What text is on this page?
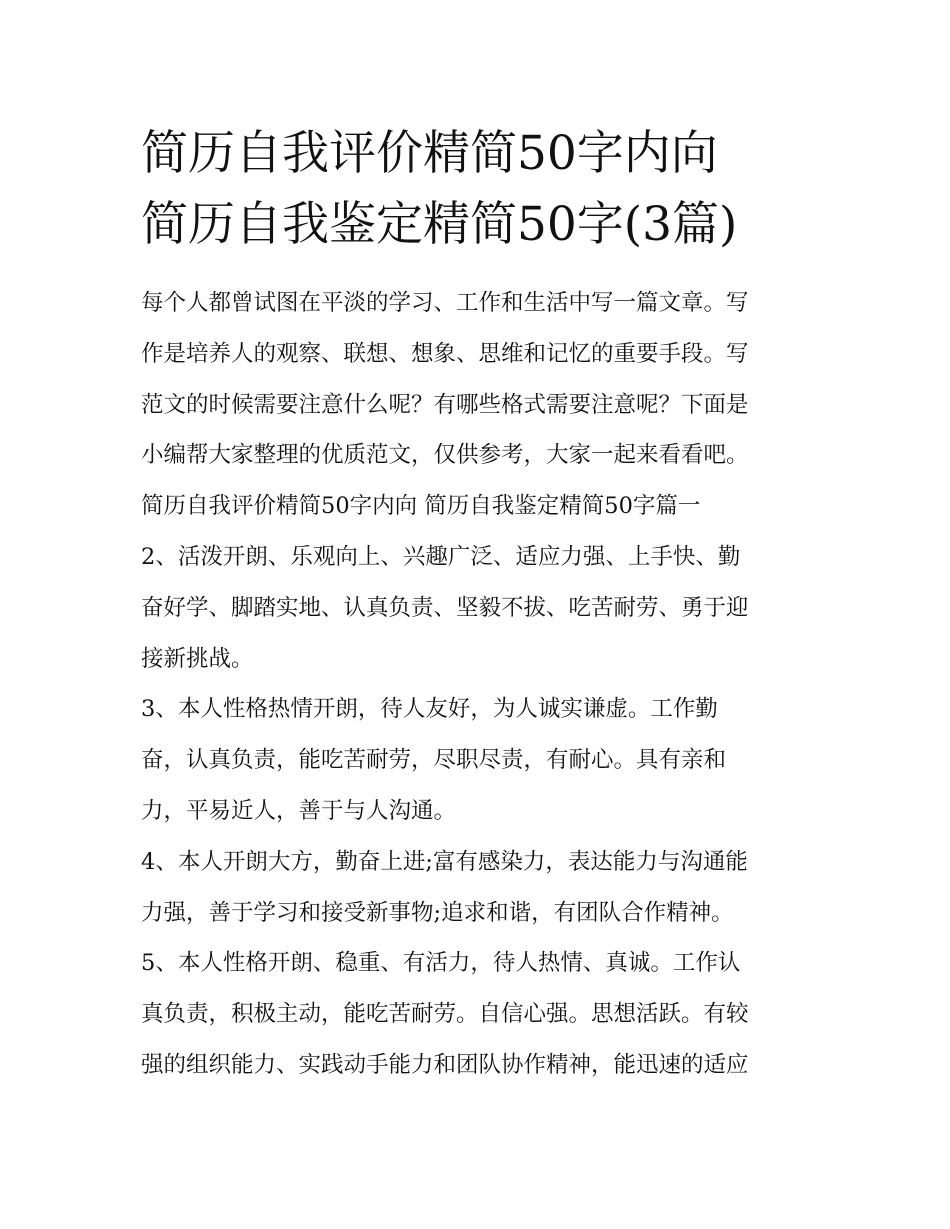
简历自我评价精简50字内向
简历自我鉴定精简50字(3篇)
每个人都曾试图在平淡的学习、工作和生活中写一篇文章。写
作是培养人的观察、联想、想象、思维和记忆的重要手段。写
范文的时候需要注意什么呢？有哪些格式需要注意呢？下面是
小编帮大家整理的优质范文，仅供参考，大家一起来看看吧。
简历自我评价精简50字内向 简历自我鉴定精简50字篇一
2、活泼开朗、乐观向上、兴趣广泛、适应力强、上手快、勤
奋好学、脚踏实地、认真负责、坚毅不拔、吃苦耐劳、勇于迎
接新挑战。
3、本人性格热情开朗，待人友好，为人诚实谦虚。工作勤
奋，认真负责，能吃苦耐劳，尽职尽责，有耐心。具有亲和
力，平易近人，善于与人沟通。
4、本人开朗大方，勤奋上进;富有感染力，表达能力与沟通能
力强，善于学习和接受新事物;追求和谐，有团队合作精神。
5、本人性格开朗、稳重、有活力，待人热情、真诚。工作认
真负责，积极主动，能吃苦耐劳。自信心强。思想活跃。有较
强的组织能力、实践动手能力和团队协作精神，能迅速的适应
